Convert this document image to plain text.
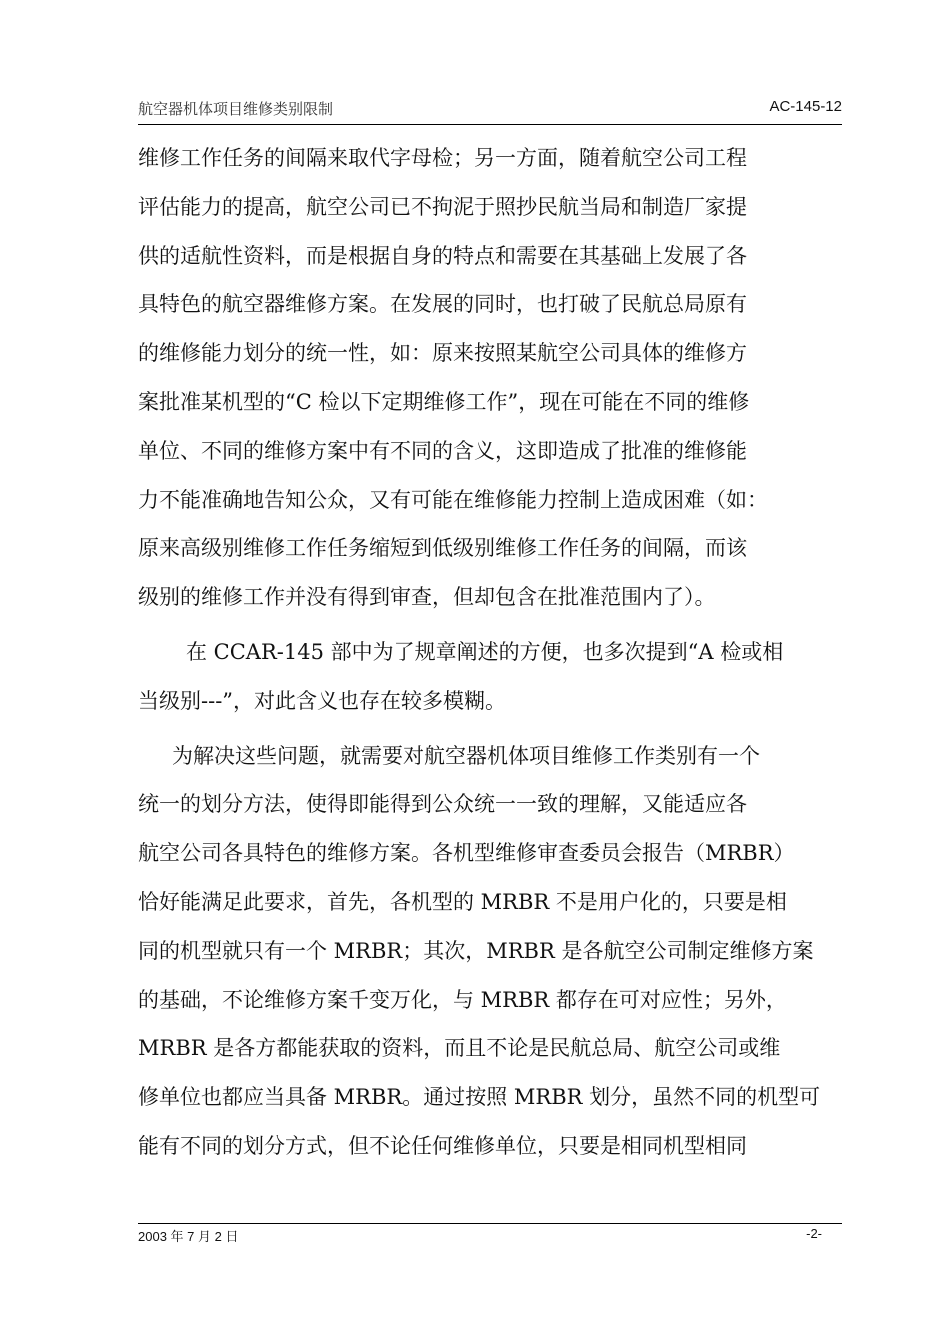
航空器机体项目维修类别限制	AC-145-12
维修工作任务的间隔来取代字母检；另一方面，随着航空公司工程
评估能力的提高，航空公司已不拘泥于照抄民航当局和制造厂家提
供的适航性资料，而是根据自身的特点和需要在其基础上发展了各
具特色的航空器维修方案。在发展的同时，也打破了民航总局原有
的维修能力划分的统一性，如：原来按照某航空公司具体的维修方
案批准某机型的“C 检以下定期维修工作”，现在可能在不同的维修
单位、不同的维修方案中有不同的含义，这即造成了批准的维修能
力不能准确地告知公众，又有可能在维修能力控制上造成困难（如：
原来高级别维修工作任务缩短到低级别维修工作任务的间隔，而该
级别的维修工作并没有得到审查，但却包含在批准范围内了）。
在 CCAR-145 部中为了规章阐述的方便，也多次提到“A 检或相
当级别---”，对此含义也存在较多模糊。
为解决这些问题，就需要对航空器机体项目维修工作类别有一个
统一的划分方法，使得即能得到公众统一一致的理解，又能适应各
航空公司各具特色的维修方案。各机型维修审查委员会报告（MRBR）
恰好能满足此要求，首先，各机型的 MRBR 不是用户化的，只要是相
同的机型就只有一个 MRBR；其次，MRBR 是各航空公司制定维修方案
的基础，不论维修方案千变万化，与 MRBR 都存在可对应性；另外，
MRBR 是各方都能获取的资料，而且不论是民航总局、航空公司或维
修单位也都应当具备 MRBR。通过按照 MRBR 划分，虽然不同的机型可
能有不同的划分方式，但不论任何维修单位，只要是相同机型相同
2003 年 7 月 2 日	-2-
